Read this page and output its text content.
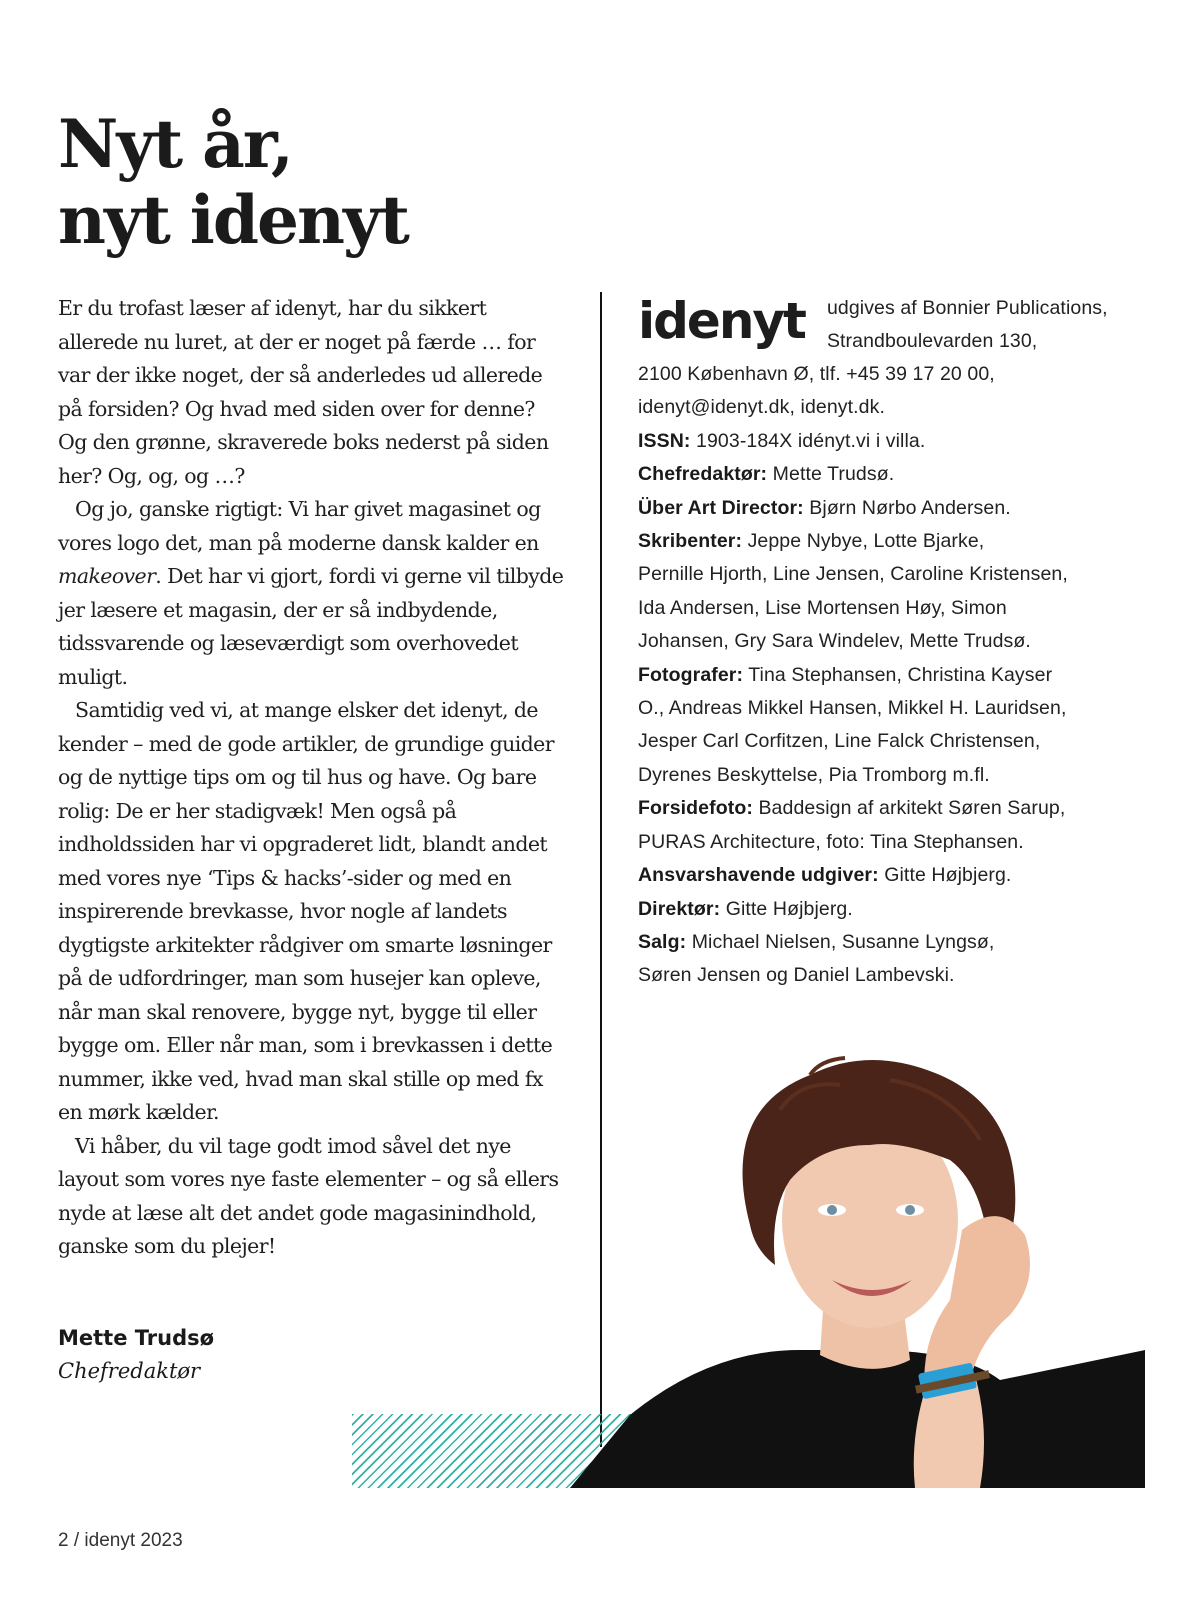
Nyt år,
nyt idenyt

Er du trofast læser af idenyt, har du sikkert allerede nu luret, at der er noget på færde … for var der ikke noget, der så anderledes ud allerede på forsiden? Og hvad med siden over for denne? Og den grønne, skraverede boks nederst på siden her? Og, og, og …?

Og jo, ganske rigtigt: Vi har givet magasinet og vores logo det, man på moderne dansk kalder en makeover. Det har vi gjort, fordi vi gerne vil tilbyde jer læsere et magasin, der er så indbydende, tidssvarende og læseværdigt som overhovedet muligt.

Samtidig ved vi, at mange elsker det idenyt, de kender – med de gode artikler, de grundige guider og de nyttige tips om og til hus og have. Og bare rolig: De er her stadigvæk! Men også på indholdssiden har vi opgraderet lidt, blandt andet med vores nye ‘Tips & hacks’-sider og med en inspirerende brevkasse, hvor nogle af landets dygtigste arkitekter rådgiver om smarte løsninger på de udfordringer, man som husejer kan opleve, når man skal renovere, bygge nyt, bygge til eller bygge om. Eller når man, som i brevkassen i dette nummer, ikke ved, hvad man skal stille op med fx en mørk kælder.

Vi håber, du vil tage godt imod såvel det nye layout som vores nye faste elementer – og så ellers nyde at læse alt det andet gode magasinindhold, ganske som du plejer!

Mette Trudsø
Chefredaktør
idenyt udgives af Bonnier Publications,
Strandboulevarden 130,
2100 København Ø, tlf. +45 39 17 20 00,
idenyt@idenyt.dk, idenyt.dk.
ISSN: 1903-184X idényt.vi i villa.
Chefredaktør: Mette Trudsø.
Über Art Director: Bjørn Nørbo Andersen.
Skribenter: Jeppe Nybye, Lotte Bjarke,
Pernille Hjorth, Line Jensen, Caroline Kristensen,
Ida Andersen, Lise Mortensen Høy, Simon
Johansen, Gry Sara Windelev, Mette Trudsø.
Fotografer: Tina Stephansen, Christina Kayser
O., Andreas Mikkel Hansen, Mikkel H. Lauridsen,
Jesper Carl Corfitzen, Line Falck Christensen,
Dyrenes Beskyttelse, Pia Tromborg m.fl.
Forsidefoto: Baddesign af arkitekt Søren Sarup,
PURAS Architecture, foto: Tina Stephansen.
Ansvarshavende udgiver: Gitte Højbjerg.
Direktør: Gitte Højbjerg.
Salg: Michael Nielsen, Susanne Lyngsø,
Søren Jensen og Daniel Lambevski.
2 / idenyt 2023
